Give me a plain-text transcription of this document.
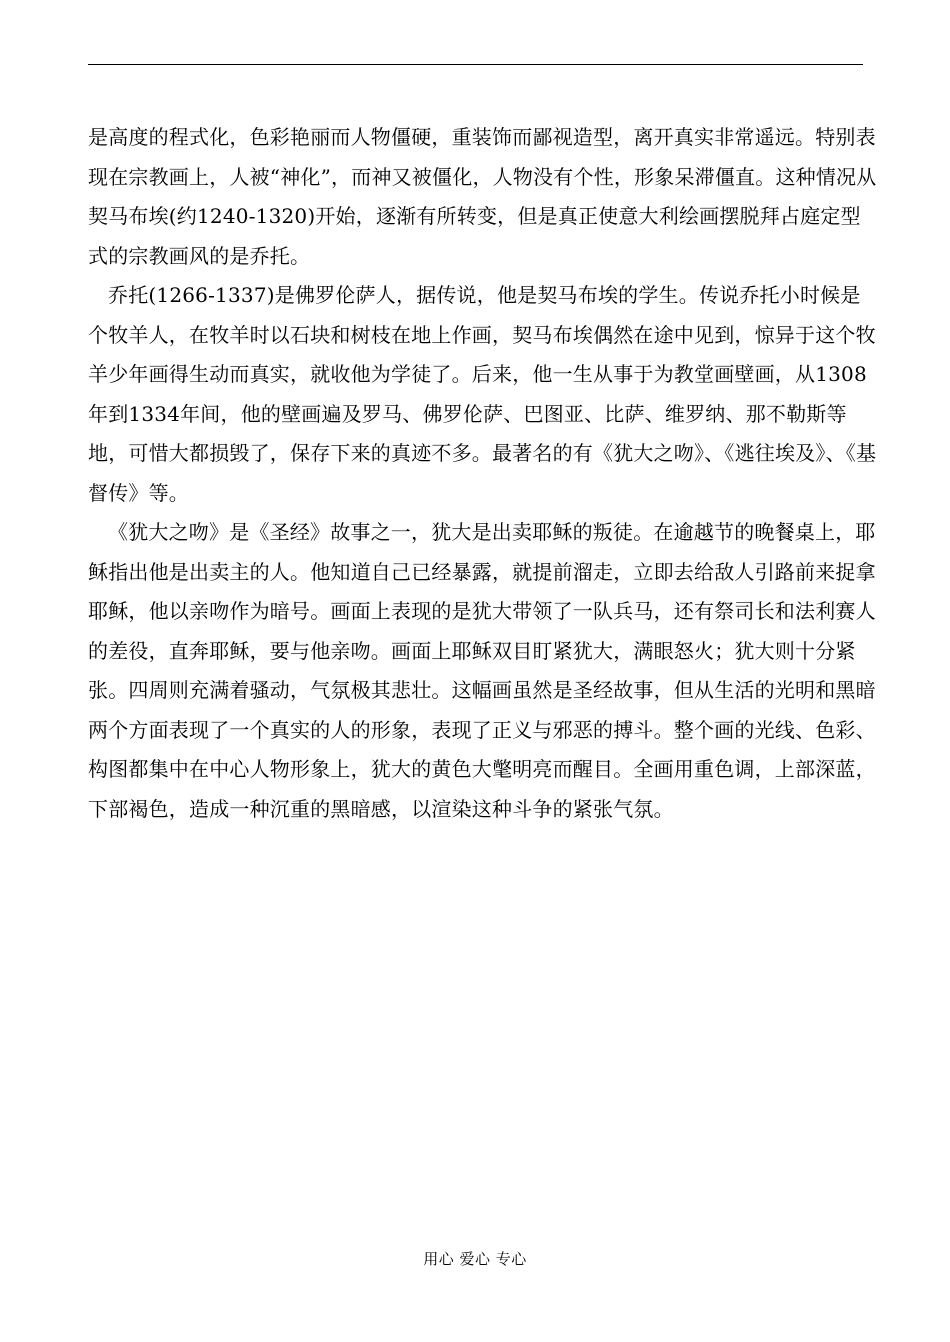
是高度的程式化，色彩艳丽而人物僵硬，重装饰而鄙视造型，离开真实非常遥远。特别表现在宗教画上，人被“神化”，而神又被僵化，人物没有个性，形象呆滞僵直。这种情况从契马布埃(约1240-1320)开始，逐渐有所转变，但是真正使意大利绘画摆脱拜占庭定型式的宗教画风的是乔托。

乔托(1266-1337)是佛罗伦萨人，据传说，他是契马布埃的学生。传说乔托小时候是个牧羊人，在牧羊时以石块和树枝在地上作画，契马布埃偶然在途中见到，惊异于这个牧羊少年画得生动而真实，就收他为学徒了。后来，他一生从事于为教堂画壁画，从1308年到1334年间，他的壁画遍及罗马、佛罗伦萨、巴图亚、比萨、维罗纳、那不勒斯等地，可惜大都损毁了，保存下来的真迹不多。最著名的有《犹大之吻》、《逃往埃及》、《基督传》等。

《犹大之吻》是《圣经》故事之一，犹大是出卖耶稣的叛徒。在逾越节的晚餐桌上，耶稣指出他是出卖主的人。他知道自己已经暴露，就提前溜走，立即去给敌人引路前来捉拿耶稣，他以亲吻作为暗号。画面上表现的是犹大带领了一队兵马，还有祭司长和法利赛人的差役，直奔耶稣，要与他亲吻。画面上耶稣双目盯紧犹大，满眼怒火；犹大则十分紧张。四周则充满着骚动，气氛极其悲壮。这幅画虽然是圣经故事，但从生活的光明和黑暗两个方面表现了一个真实的人的形象，表现了正义与邪恶的搏斗。整个画的光线、色彩、构图都集中在中心人物形象上，犹大的黄色大氅明亮而醒目。全画用重色调，上部深蓝，下部褐色，造成一种沉重的黑暗感，以渲染这种斗争的紧张气氛。

用心 爱心 专心
